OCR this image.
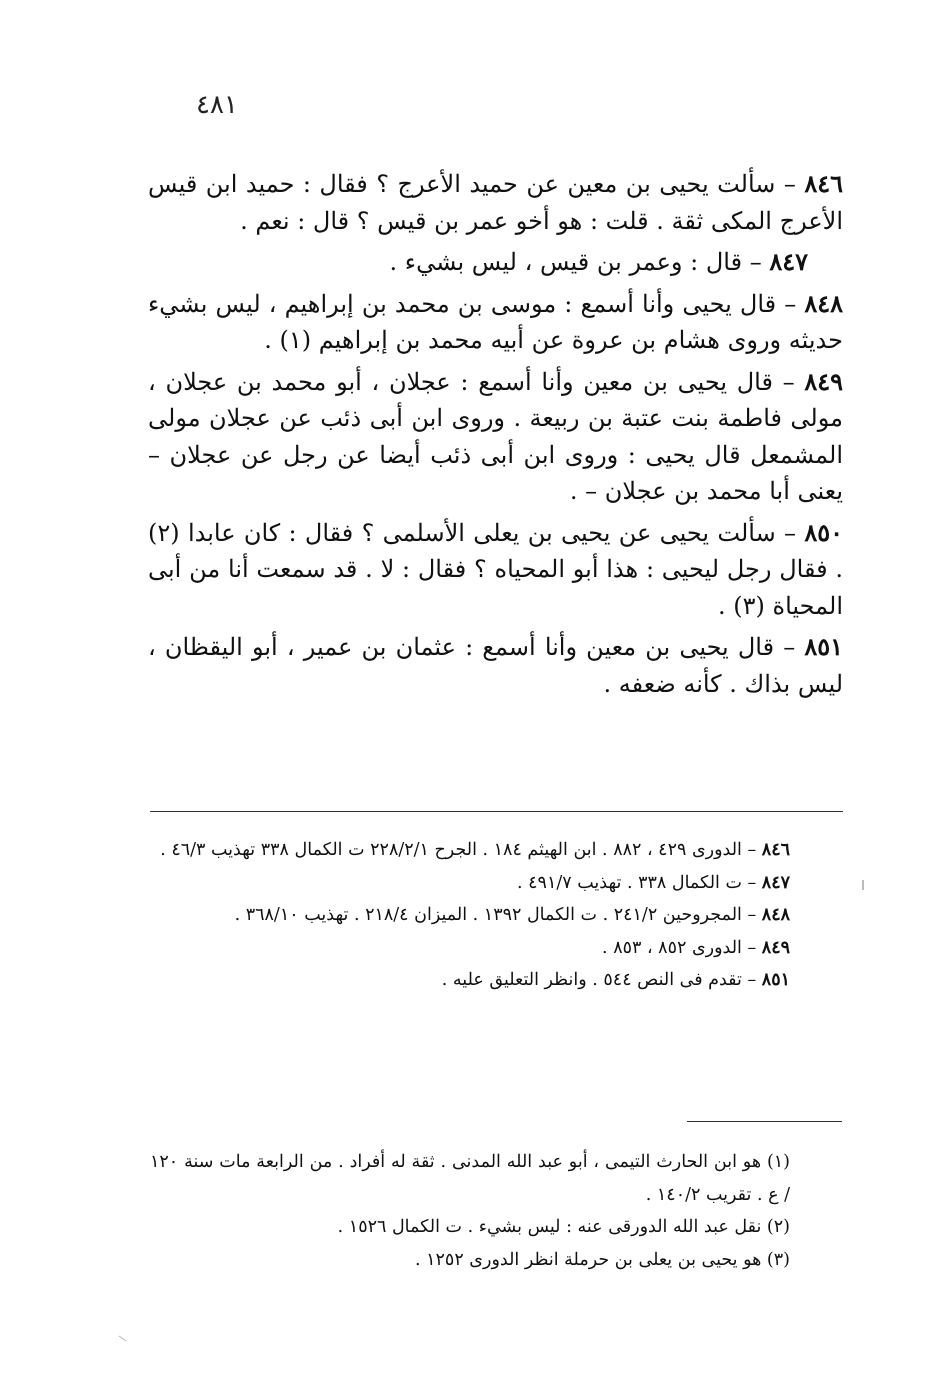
٤٨١

٨٤٦ – سألت يحيى بن معين عن حميد الأعرج ؟ فقال : حميد ابن قيس الأعرج المكى ثقة . قلت : هو أخو عمر بن قيس ؟ قال : نعم .

٨٤٧ – قال : وعمر بن قيس ، ليس بشيء .

٨٤٨ – قال يحيى وأنا أسمع : موسى بن محمد بن إبراهيم ، ليس بشيء حديثه وروى هشام بن عروة عن أبيه محمد بن إبراهيم (١) .

٨٤٩ – قال يحيى بن معين وأنا أسمع : عجلان ، أبو محمد بن عجلان ، مولى فاطمة بنت عتبة بن ربيعة . وروى ابن أبى ذئب عن عجلان مولى المشمعل قال يحيى : وروى ابن أبى ذئب أيضا عن رجل عن عجلان – يعنى أبا محمد بن عجلان – .

٨٥٠ – سألت يحيى عن يحيى بن يعلى الأسلمى ؟ فقال : كان عابدا (٢) . فقال رجل ليحيى : هذا أبو المحياه ؟ فقال : لا . قد سمعت أنا من أبى المحياة (٣) .

٨٥١ – قال يحيى بن معين وأنا أسمع : عثمان بن عمير ، أبو اليقظان ، ليس بذاك . كأنه ضعفه .

٨٤٦ – الدورى ٤٢٩ ، ٨٨٢ . ابن الهيثم ١٨٤ . الجرح ٢٢٨/٢/١ ت الكمال ٣٣٨ تهذيب ٤٦/٣ .
٨٤٧ – ت الكمال ٣٣٨ . تهذيب ٤٩١/٧ .
٨٤٨ – المجروحين ٢٤١/٢ . ت الكمال ١٣٩٢ . الميزان ٢١٨/٤ . تهذيب ٣٦٨/١٠ .
٨٤٩ – الدورى ٨٥٢ ، ٨٥٣ .
٨٥١ – تقدم فى النص ٥٤٤ . وانظر التعليق عليه .
(١) هو ابن الحارث التيمى ، أبو عبد الله المدنى . ثقة له أفراد . من الرابعة مات سنة ١٢٠ / ع . تقريب ١٤٠/٢ .
(٢) نقل عبد الله الدورقى عنه : ليس بشيء . ت الكمال ١٥٢٦ .
(٣) هو يحيى بن يعلى بن حرملة انظر الدورى ١٢٥٢ .
